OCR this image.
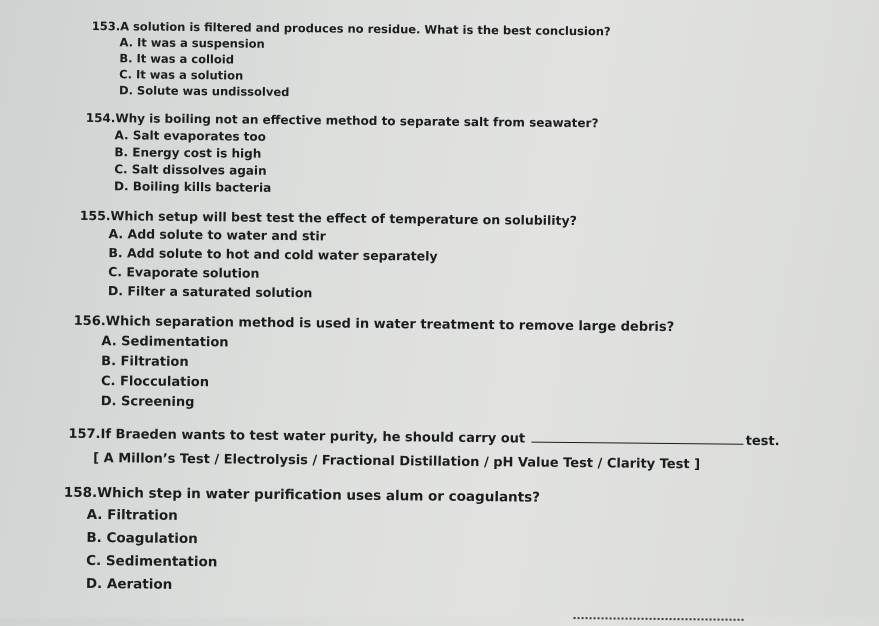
153.A solution is filtered and produces no residue. What is the best conclusion?

A. It was a suspension

B. It was a colloid

C. It was a solution

D. Solute was undissolved

154.Why is boiling not an effective method to separate salt from seawater?

A. Salt evaporates too

B. Energy cost is high

C. Salt dissolves again

D. Boiling kills bacteria

155.Which setup will best test the effect of temperature on solubility?

A. Add solute to water and stir

B. Add solute to hot and cold water separately

C. Evaporate solution

D. Filter a saturated solution

156.Which separation method is used in water treatment to remove large debris?

A. Sedimentation

B. Filtration

C. Flocculation

D. Screening

157.If Braeden wants to test water purity, he should carry out	test.

[ A Millon’s Test / Electrolysis / Fractional Distillation / pH Value Test / Clarity Test ]

158.Which step in water purification uses alum or coagulants?

A. Filtration

B. Coagulation

C. Sedimentation

D. Aeration
